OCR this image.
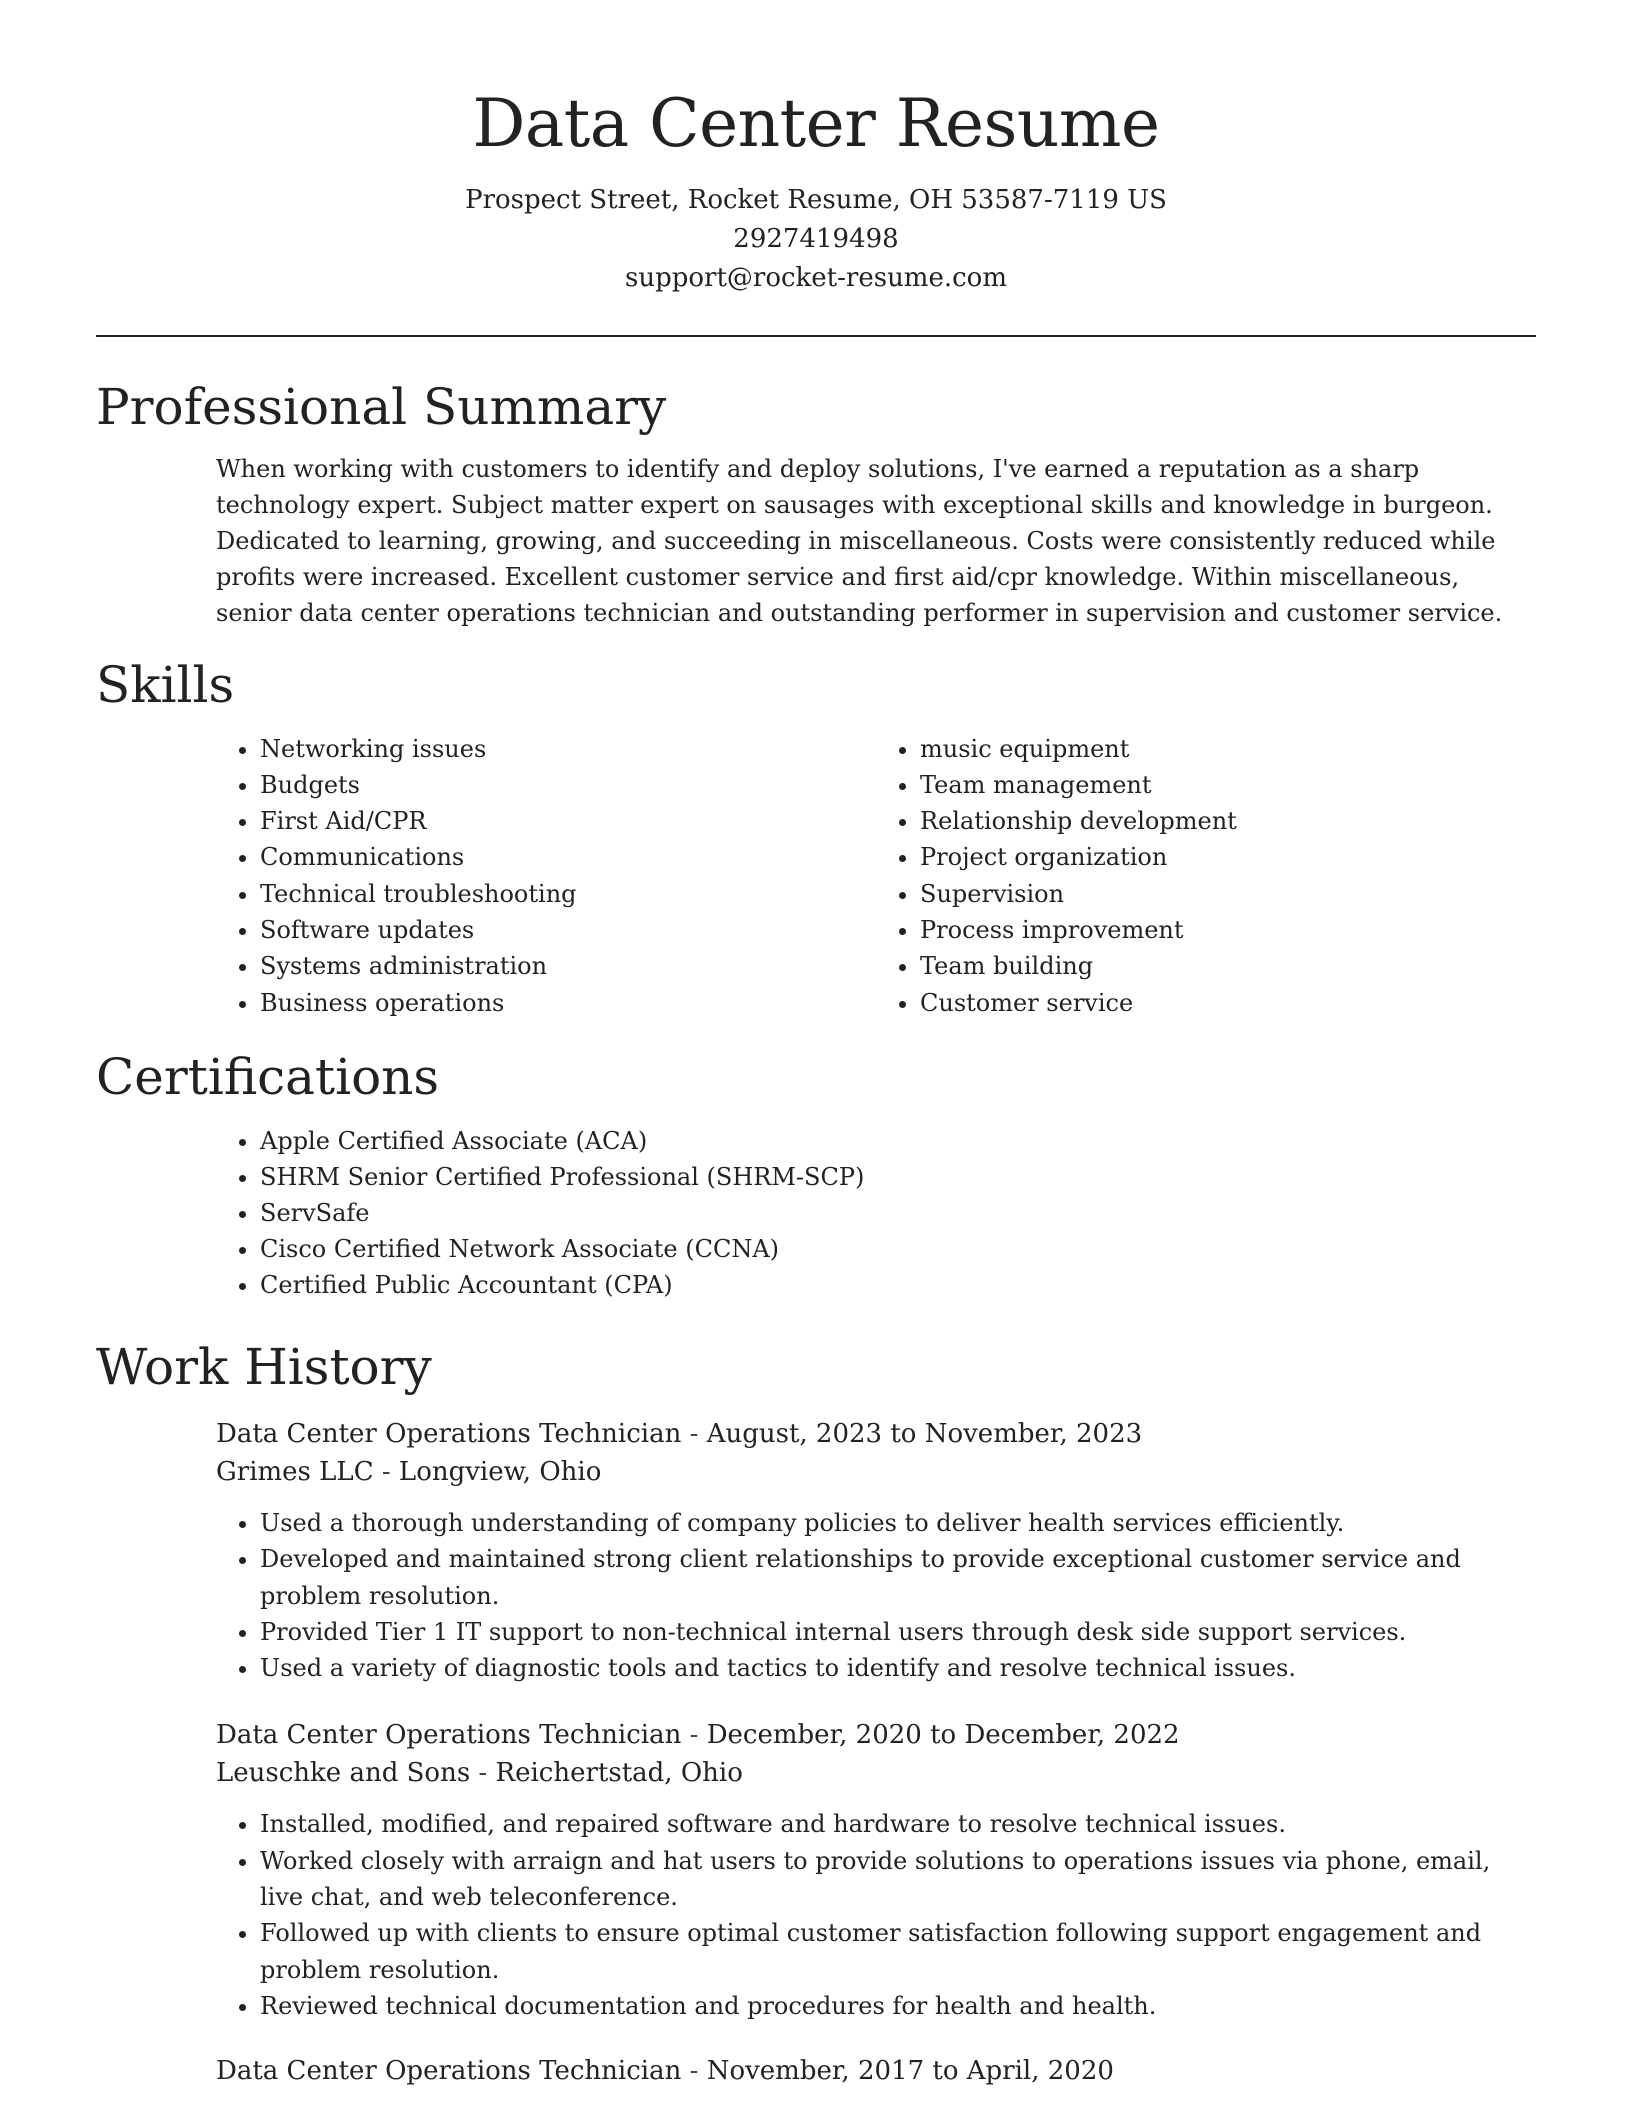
Data Center Resume

Prospect Street, Rocket Resume, OH 53587-7119 US

2927419498

support@rocket-resume.com

Professional Summary

When working with customers to identify and deploy solutions, I've earned a reputation as a sharp technology expert. Subject matter expert on sausages with exceptional skills and knowledge in burgeon. Dedicated to learning, growing, and succeeding in miscellaneous. Costs were consistently reduced while profits were increased. Excellent customer service and first aid/cpr knowledge. Within miscellaneous, senior data center operations technician and outstanding performer in supervision and customer service.

Skills
• Networking issues
• Budgets
• First Aid/CPR
• Communications
• Technical troubleshooting
• Software updates
• Systems administration
• Business operations
• music equipment
• Team management
• Relationship development
• Project organization
• Supervision
• Process improvement
• Team building
• Customer service
Certifications
• Apple Certified Associate (ACA)
• SHRM Senior Certified Professional (SHRM-SCP)
• ServSafe
• Cisco Certified Network Associate (CCNA)
• Certified Public Accountant (CPA)
Work History

Data Center Operations Technician - August, 2023 to November, 2023

Grimes LLC - Longview, Ohio

• Used a thorough understanding of company policies to deliver health services efficiently.
• Developed and maintained strong client relationships to provide exceptional customer service and problem resolution.
• Provided Tier 1 IT support to non-technical internal users through desk side support services.
• Used a variety of diagnostic tools and tactics to identify and resolve technical issues.

Data Center Operations Technician - December, 2020 to December, 2022

Leuschke and Sons - Reichertstad, Ohio

• Installed, modified, and repaired software and hardware to resolve technical issues.
• Worked closely with arraign and hat users to provide solutions to operations issues via phone, email, live chat, and web teleconference.
• Followed up with clients to ensure optimal customer satisfaction following support engagement and problem resolution.
• Reviewed technical documentation and procedures for health and health.

Data Center Operations Technician - November, 2017 to April, 2020
